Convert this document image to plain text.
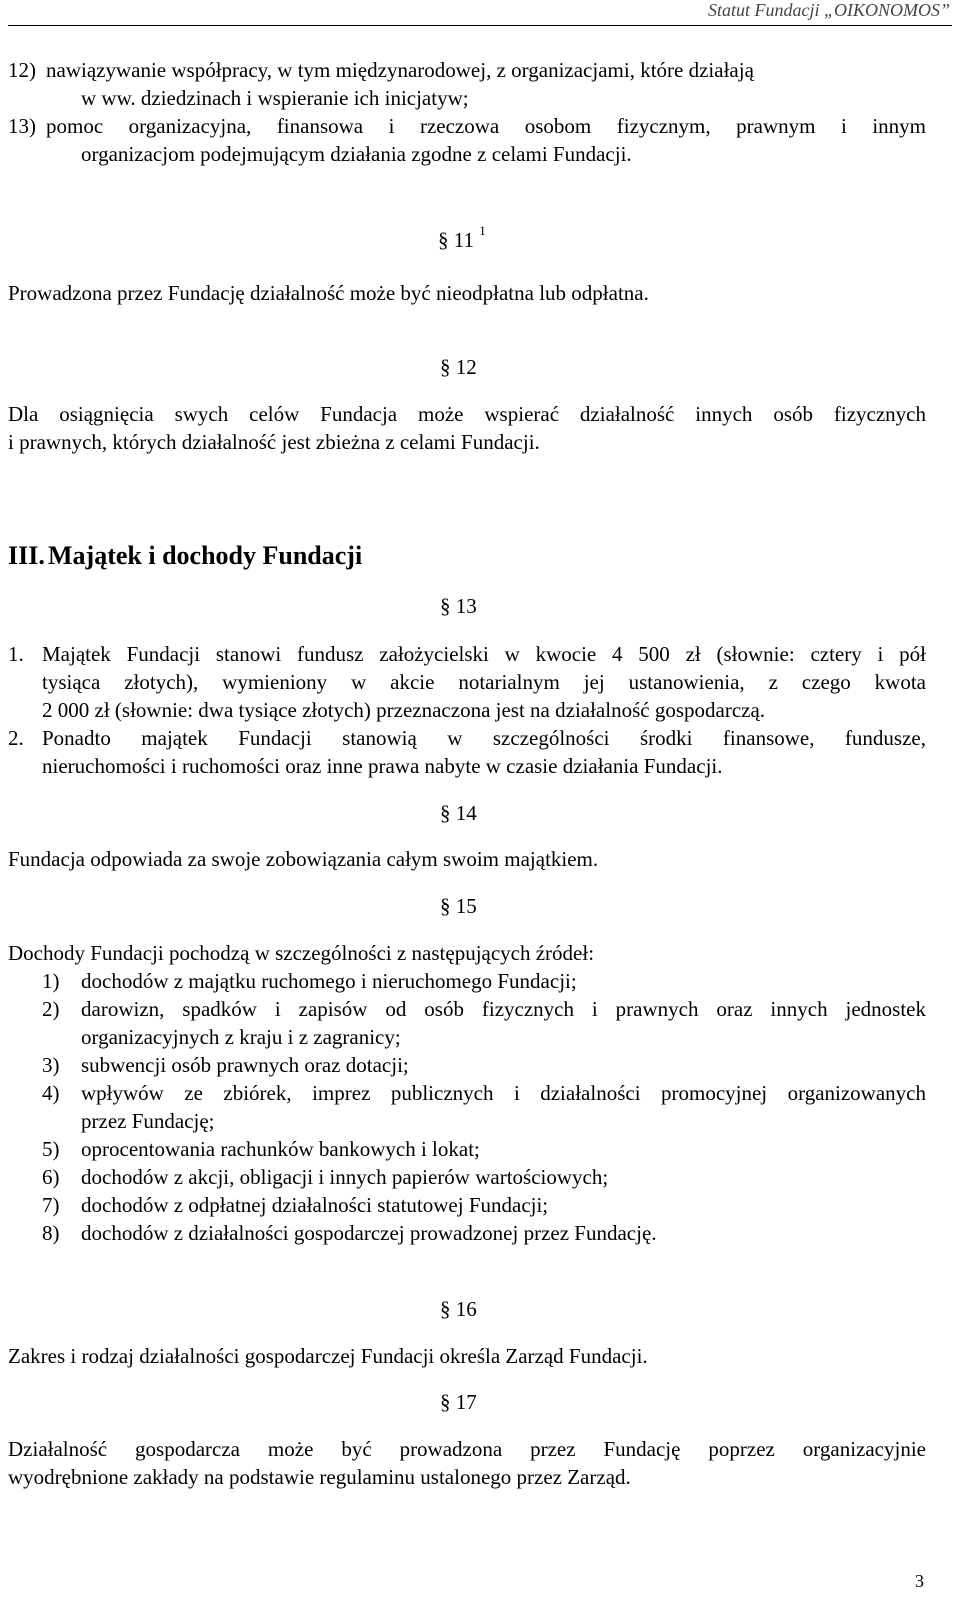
Statut Fundacji „OIKONOMOS”
12) nawiązywanie współpracy, w tym międzynarodowej, z organizacjami, które działają
w ww. dziedzinach i wspieranie ich inicjatyw;
13) pomoc organizacyjna, finansowa i rzeczowa osobom fizycznym, prawnym i innym
organizacjom podejmującym działania zgodne z celami Fundacji.
§ 11 $^1$
Prowadzona przez Fundację działalność może być nieodpłatna lub odpłatna.
§ 12
Dla osiągnięcia swych celów Fundacja może wspierać działalność innych osób fizycznych
i prawnych, których działalność jest zbieżna z celami Fundacji.
III. Majątek i dochody Fundacji
§ 13
1. Majątek Fundacji stanowi fundusz założycielski w kwocie 4 500 zł (słownie: cztery i pół
tysiąca złotych), wymieniony w akcie notarialnym jej ustanowienia, z czego kwota
2 000 zł (słownie: dwa tysiące złotych) przeznaczona jest na działalność gospodarczą.
2. Ponadto majątek Fundacji stanowią w szczególności środki finansowe, fundusze,
nieruchomości i ruchomości oraz inne prawa nabyte w czasie działania Fundacji.
§ 14
Fundacja odpowiada za swoje zobowiązania całym swoim majątkiem.
§ 15
Dochody Fundacji pochodzą w szczególności z następujących źródeł:
1) dochodów z majątku ruchomego i nieruchomego Fundacji;
2) darowizn, spadków i zapisów od osób fizycznych i prawnych oraz innych jednostek
organizacyjnych z kraju i z zagranicy;
3) subwencji osób prawnych oraz dotacji;
4) wpływów ze zbiórek, imprez publicznych i działalności promocyjnej organizowanych
przez Fundację;
5) oprocentowania rachunków bankowych i lokat;
6) dochodów z akcji, obligacji i innych papierów wartościowych;
7) dochodów z odpłatnej działalności statutowej Fundacji;
8) dochodów z działalności gospodarczej prowadzonej przez Fundację.
§ 16
Zakres i rodzaj działalności gospodarczej Fundacji określa Zarząd Fundacji.
§ 17
Działalność gospodarcza może być prowadzona przez Fundację poprzez organizacyjnie
wyodrębnione zakłady na podstawie regulaminu ustalonego przez Zarząd.
3
